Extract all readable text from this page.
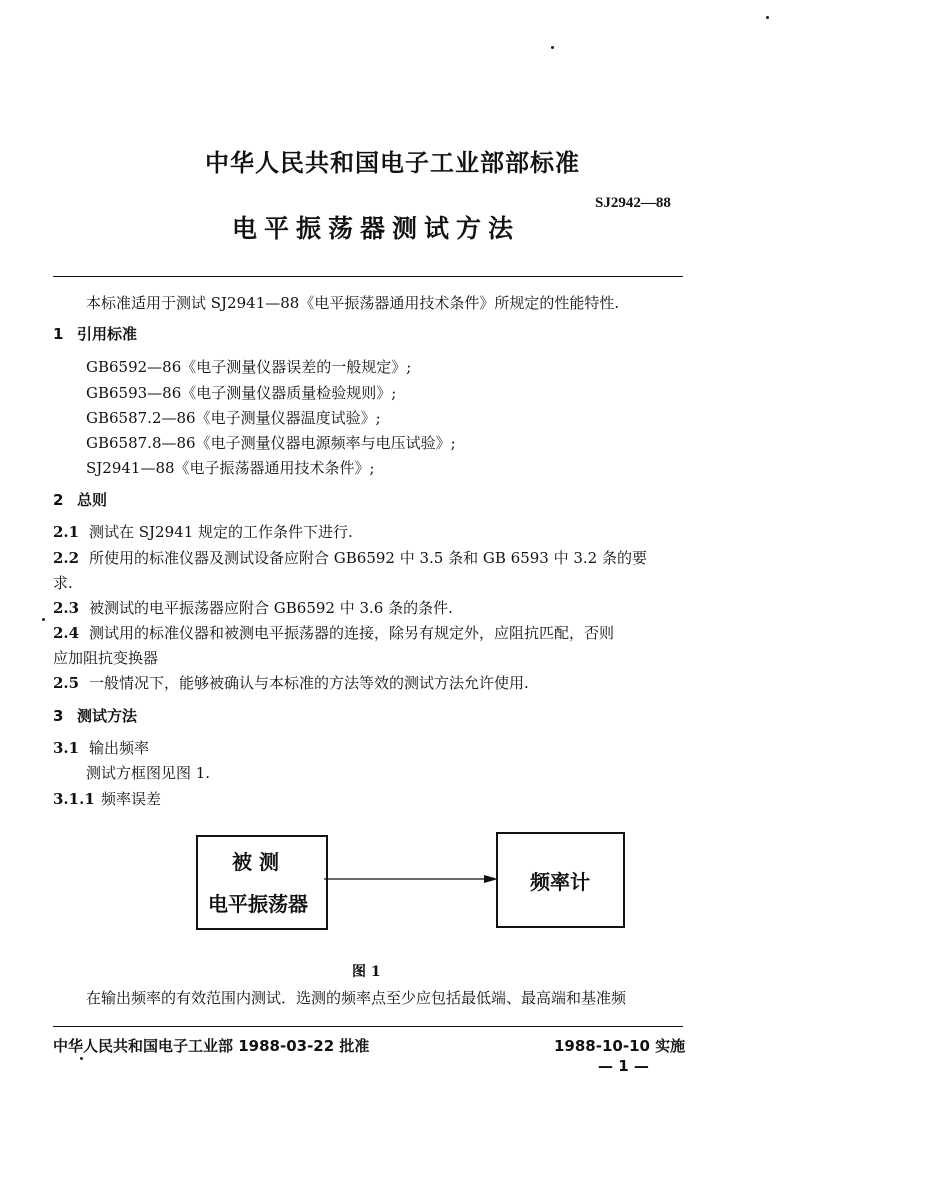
中华人民共和国电子工业部部标准
SJ2942—88
电平振荡器测试方法
本标准适用于测试 SJ2941—88《电平振荡器通用技术条件》所规定的性能特性.
1 引用标准
GB6592—86《电子测量仪器误差的一般规定》;
GB6593—86《电子测量仪器质量检验规则》;
GB6587.2—86《电子测量仪器温度试验》;
GB6587.8—86《电子测量仪器电源频率与电压试验》;
SJ2941—88《电子振荡器通用技术条件》;
2 总则
2.1 测试在 SJ2941 规定的工作条件下进行.
2.2 所使用的标准仪器及测试设备应附合 GB6592 中 3.5 条和 GB 6593 中 3.2 条的要
求.
2.3 被测试的电平振荡器应附合 GB6592 中 3.6 条的条件.
2.4 测试用的标准仪器和被测电平振荡器的连接，除另有规定外，应阻抗匹配，否则
应加阻抗变换器
2.5 一般情况下，能够被确认与本标准的方法等效的测试方法允许使用.
3 测试方法
3.1 输出频率
测试方框图见图 1.
3.1.1 频率误差
被 测
电平振荡器
频率计
图 1
在输出频率的有效范围内测试．选测的频率点至少应包括最低端、最高端和基准频
中华人民共和国电子工业部 1988-03-22 批准	1988-10-10 实施
— 1 —
